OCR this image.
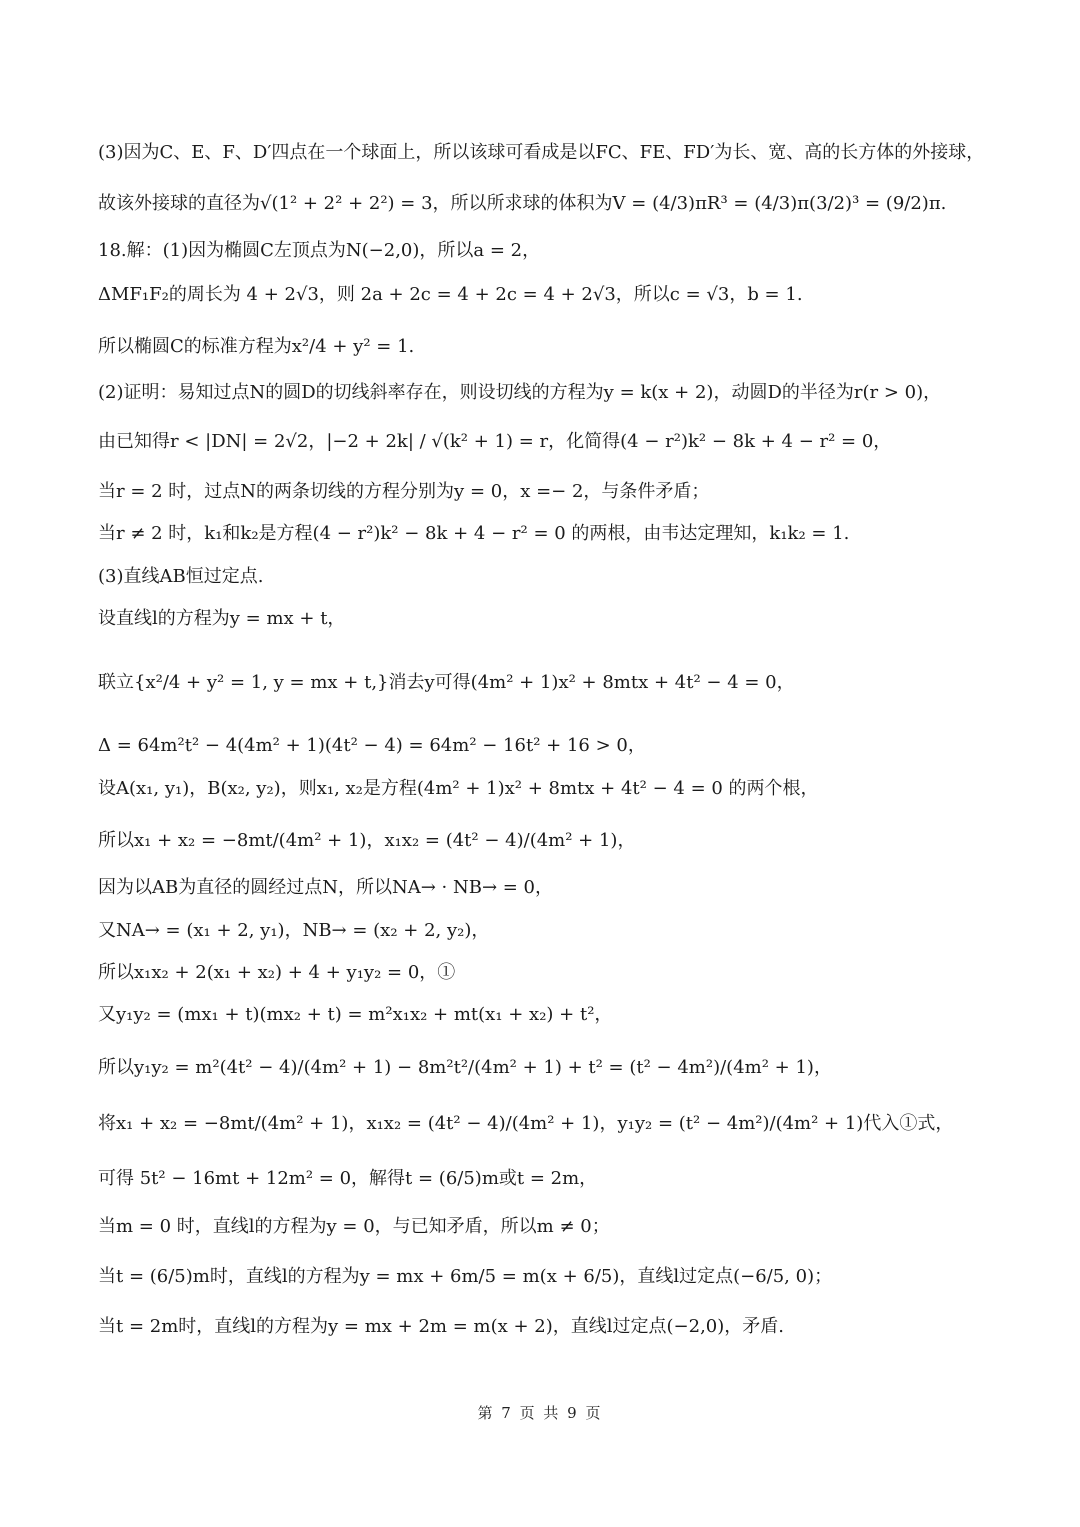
(3)因为C、E、F、D′四点在一个球面上，所以该球可看成是以FC、FE、FD′为长、宽、高的长方体的外接球，
故该外接球的直径为√(1² + 2² + 2²) = 3，所以所求球的体积为V = (4/3)πR³ = (4/3)π(3/2)³ = (9/2)π.
18.解：(1)因为椭圆C左顶点为N(−2,0)，所以a = 2，
ΔMF₁F₂的周长为 4 + 2√3，则 2a + 2c = 4 + 2c = 4 + 2√3，所以c = √3，b = 1.
所以椭圆C的标准方程为x²/4 + y² = 1.
(2)证明：易知过点N的圆D的切线斜率存在，则设切线的方程为y = k(x + 2)，动圆D的半径为r(r > 0)，
由已知得r < |DN| = 2√2，|−2 + 2k| / √(k² + 1) = r，化简得(4 − r²)k² − 8k + 4 − r² = 0，
当r = 2 时，过点N的两条切线的方程分别为y = 0，x =− 2，与条件矛盾；
当r ≠ 2 时，k₁和k₂是方程(4 − r²)k² − 8k + 4 − r² = 0 的两根，由韦达定理知，k₁k₂ = 1.
(3)直线AB恒过定点.
设直线l的方程为y = mx + t，
联立{x²/4 + y² = 1, y = mx + t,}消去y可得(4m² + 1)x² + 8mtx + 4t² − 4 = 0，
Δ = 64m²t² − 4(4m² + 1)(4t² − 4) = 64m² − 16t² + 16 > 0，
设A(x₁, y₁)，B(x₂, y₂)，则x₁, x₂是方程(4m² + 1)x² + 8mtx + 4t² − 4 = 0 的两个根，
所以x₁ + x₂ = −8mt/(4m² + 1)，x₁x₂ = (4t² − 4)/(4m² + 1)，
因为以AB为直径的圆经过点N，所以NA→ · NB→ = 0，
又NA→ = (x₁ + 2, y₁)，NB→ = (x₂ + 2, y₂)，
所以x₁x₂ + 2(x₁ + x₂) + 4 + y₁y₂ = 0，①
又y₁y₂ = (mx₁ + t)(mx₂ + t) = m²x₁x₂ + mt(x₁ + x₂) + t²，
所以y₁y₂ = m²(4t² − 4)/(4m² + 1) − 8m²t²/(4m² + 1) + t² = (t² − 4m²)/(4m² + 1)，
将x₁ + x₂ = −8mt/(4m² + 1)，x₁x₂ = (4t² − 4)/(4m² + 1)，y₁y₂ = (t² − 4m²)/(4m² + 1)代入①式，
可得 5t² − 16mt + 12m² = 0，解得t = (6/5)m或t = 2m，
当m = 0 时，直线l的方程为y = 0，与已知矛盾，所以m ≠ 0；
当t = (6/5)m时，直线l的方程为y = mx + 6m/5 = m(x + 6/5)，直线l过定点(−6/5, 0)；
当t = 2m时，直线l的方程为y = mx + 2m = m(x + 2)，直线l过定点(−2,0)，矛盾.
第 7 页 共 9 页
